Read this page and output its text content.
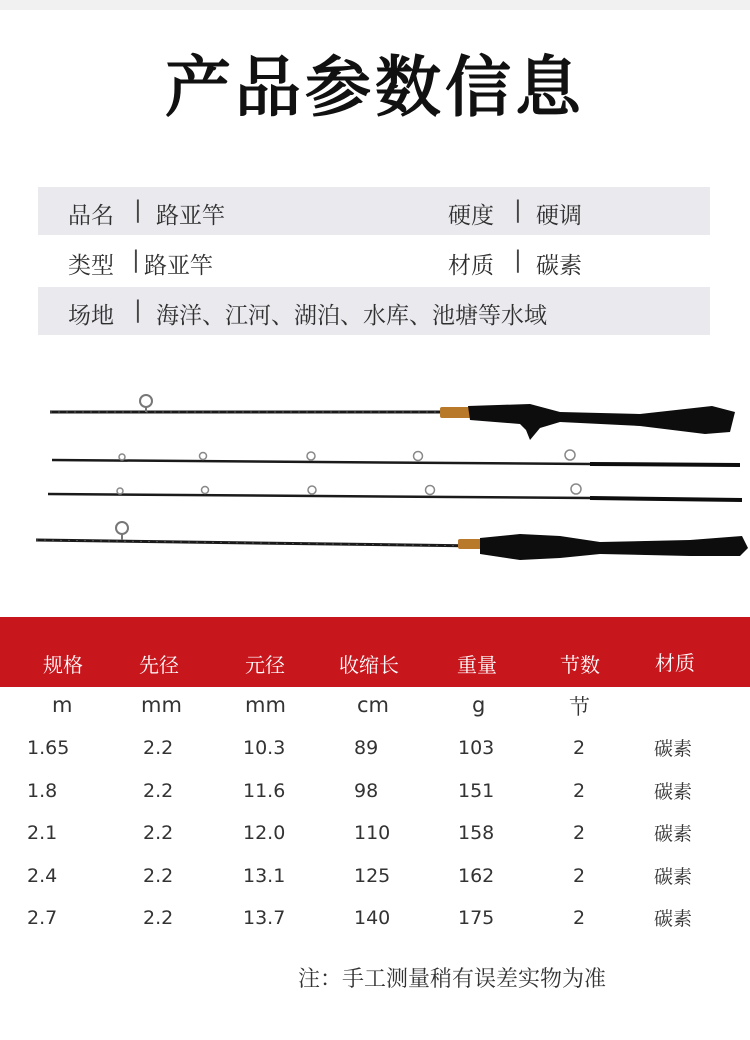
产品参数信息
品名 | 路亚竿	硬度 | 硬调
类型 | 路亚竿	材质 | 碳素
场地 | 海洋、江河、湖泊、水库、池塘等水域
规格	先径	元径	收缩长	重量	节数	材质
m	mm	mm	cm	g	节
1.65	2.2	10.3	89	103	2	碳素
1.8	2.2	11.6	98	151	2	碳素
2.1	2.2	12.0	110	158	2	碳素
2.4	2.2	13.1	125	162	2	碳素
2.7	2.2	13.7	140	175	2	碳素
注：手工测量稍有误差实物为准
